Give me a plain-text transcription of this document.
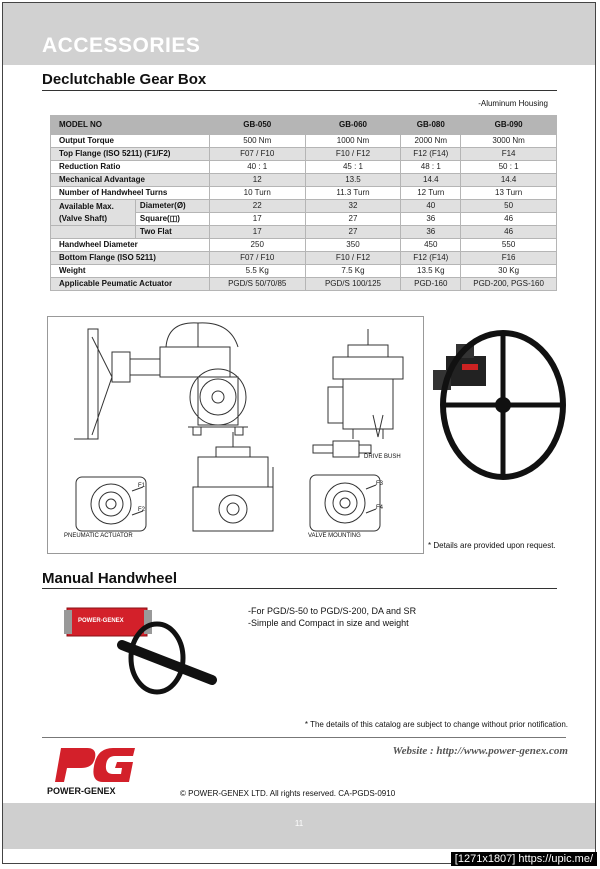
ACCESSORIES
Declutchable Gear Box
-Aluminum Housing
MODEL NO		GB-050	GB-060	GB-080	GB-090
Output Torque		500 Nm	1000 Nm	2000 Nm	3000 Nm
Top Flange (ISO 5211) (F1/F2)		F07 / F10	F10 / F12	F12 (F14)	F14
Reduction Ratio		40 : 1	45 : 1	48 : 1	50 : 1
Mechanical Advantage		12	13.5	14.4	14.4
Number of Handwheel Turns		10 Turn	11.3 Turn	12 Turn	13 Turn

Available Max.
(Valve Shaft)	Diameter(Ø)	22	32	40	50
	Square(◫)	17	27	36	46
	Two Flat	17	27	36	46
Handwheel Diameter		250	350	450	550
Bottom Flange (ISO 5211)		F07 / F10	F10 / F12	F12 (F14)	F16
Weight		5.5 Kg	7.5 Kg	13.5 Kg	30 Kg
Applicable Peumatic Actuator		PGD/S 50/70/85	PGD/S 100/125	PGD-160	PGD-200, PGS-160
DRIVE BUSH
PNEUMATIC ACTUATOR	VALVE MOUNTING
F1
F2
F3
F4
* Details are provided upon request.
Manual Handwheel
POWER-GENEX
-For PGD/S-50 to PGD/S-200, DA and SR
-Simple and Compact in size and weight
* The details of this catalog are subject to change without prior notification.
Website : http://www.power-genex.com
POWER-GENEX	© POWER-GENEX LTD. All rights reserved. CA-PGDS-0910
11
[1271x1807] https://upic.me/
